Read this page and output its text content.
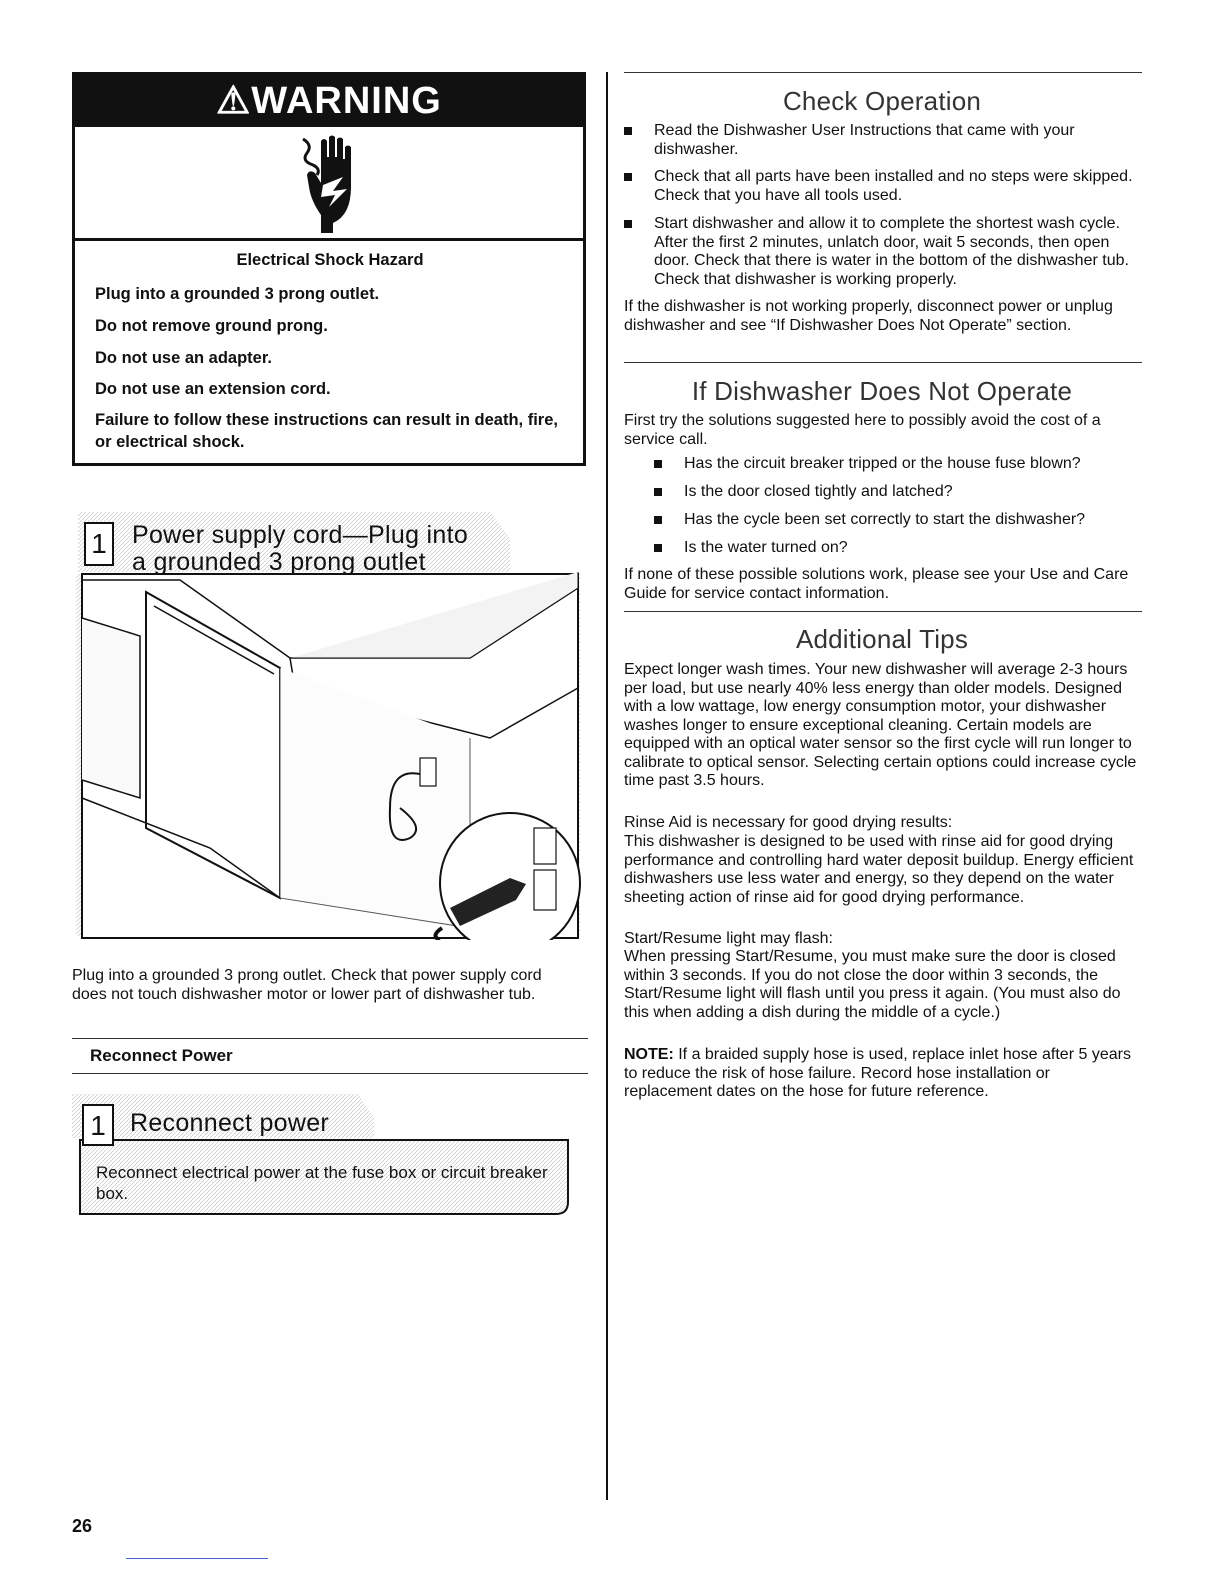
⚠WARNING
Electrical Shock Hazard
Plug into a grounded 3 prong outlet.
Do not remove ground prong.
Do not use an adapter.
Do not use an extension cord.
Failure to follow these instructions can result in death, fire, or electrical shock.
1 Power supply cord—Plug into
a grounded 3 prong outlet
Plug into a grounded 3 prong outlet. Check that power supply cord does not touch dishwasher motor or lower part of dishwasher tub.
Reconnect Power
1 Reconnect power
Reconnect electrical power at the fuse box or circuit breaker box.
26
Check Operation
Read the Dishwasher User Instructions that came with your dishwasher.
Check that all parts have been installed and no steps were skipped. Check that you have all tools used.
Start dishwasher and allow it to complete the shortest wash cycle. After the first 2 minutes, unlatch door, wait 5 seconds, then open door. Check that there is water in the bottom of the dishwasher tub. Check that dishwasher is working properly.
If the dishwasher is not working properly, disconnect power or unplug dishwasher and see “If Dishwasher Does Not Operate” section.
If Dishwasher Does Not Operate
First try the solutions suggested here to possibly avoid the cost of a service call.
Has the circuit breaker tripped or the house fuse blown?
Is the door closed tightly and latched?
Has the cycle been set correctly to start the dishwasher?
Is the water turned on?
If none of these possible solutions work, please see your Use and Care Guide for service contact information.
Additional Tips
Expect longer wash times. Your new dishwasher will average 2-3 hours per load, but use nearly 40% less energy than older models. Designed with a low wattage, low energy consumption motor, your dishwasher washes longer to ensure exceptional cleaning. Certain models are equipped with an optical water sensor so the first cycle will run longer to calibrate to optical sensor. Selecting certain options could increase cycle time past 3.5 hours.
Rinse Aid is necessary for good drying results:
This dishwasher is designed to be used with rinse aid for good drying performance and controlling hard water deposit buildup. Energy efficient dishwashers use less water and energy, so they depend on the water sheeting action of rinse aid for good drying performance.
Start/Resume light may flash:
When pressing Start/Resume, you must make sure the door is closed within 3 seconds. If you do not close the door within 3 seconds, the Start/Resume light will flash until you press it again. (You must also do this when adding a dish during the middle of a cycle.)
NOTE: If a braided supply hose is used, replace inlet hose after 5 years to reduce the risk of hose failure. Record hose installation or replacement dates on the hose for future reference.
